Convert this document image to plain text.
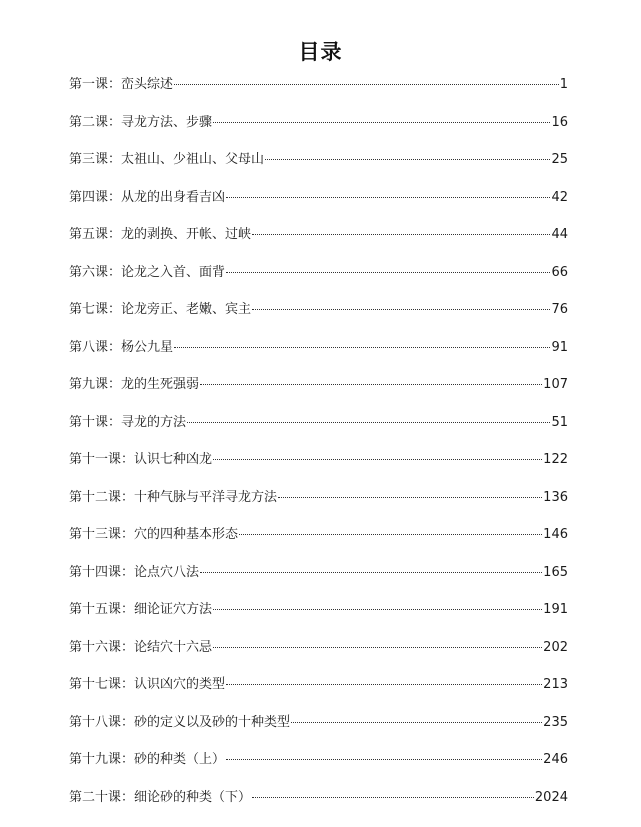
目录
第一课： 峦头综述	1
第二课： 寻龙方法、步骤	16
第三课： 太祖山、少祖山、父母山	25
第四课： 从龙的出身看吉凶	42
第五课： 龙的剥换、开帐、过峡	44
第六课： 论龙之入首、面背	66
第七课： 论龙旁正、老嫩、宾主	76
第八课： 杨公九星	91
第九课： 龙的生死强弱	107
第十课： 寻龙的方法	51
第十一课： 认识七种凶龙	122
第十二课： 十种气脉与平洋寻龙方法	136
第十三课： 穴的四种基本形态	146
第十四课： 论点穴八法	165
第十五课： 细论证穴方法	191
第十六课： 论结穴十六忌	202
第十七课： 认识凶穴的类型	213
第十八课： 砂的定义以及砂的十种类型	235
第十九课： 砂的种类（上）	246
第二十课： 细论砂的种类（下）	2024
